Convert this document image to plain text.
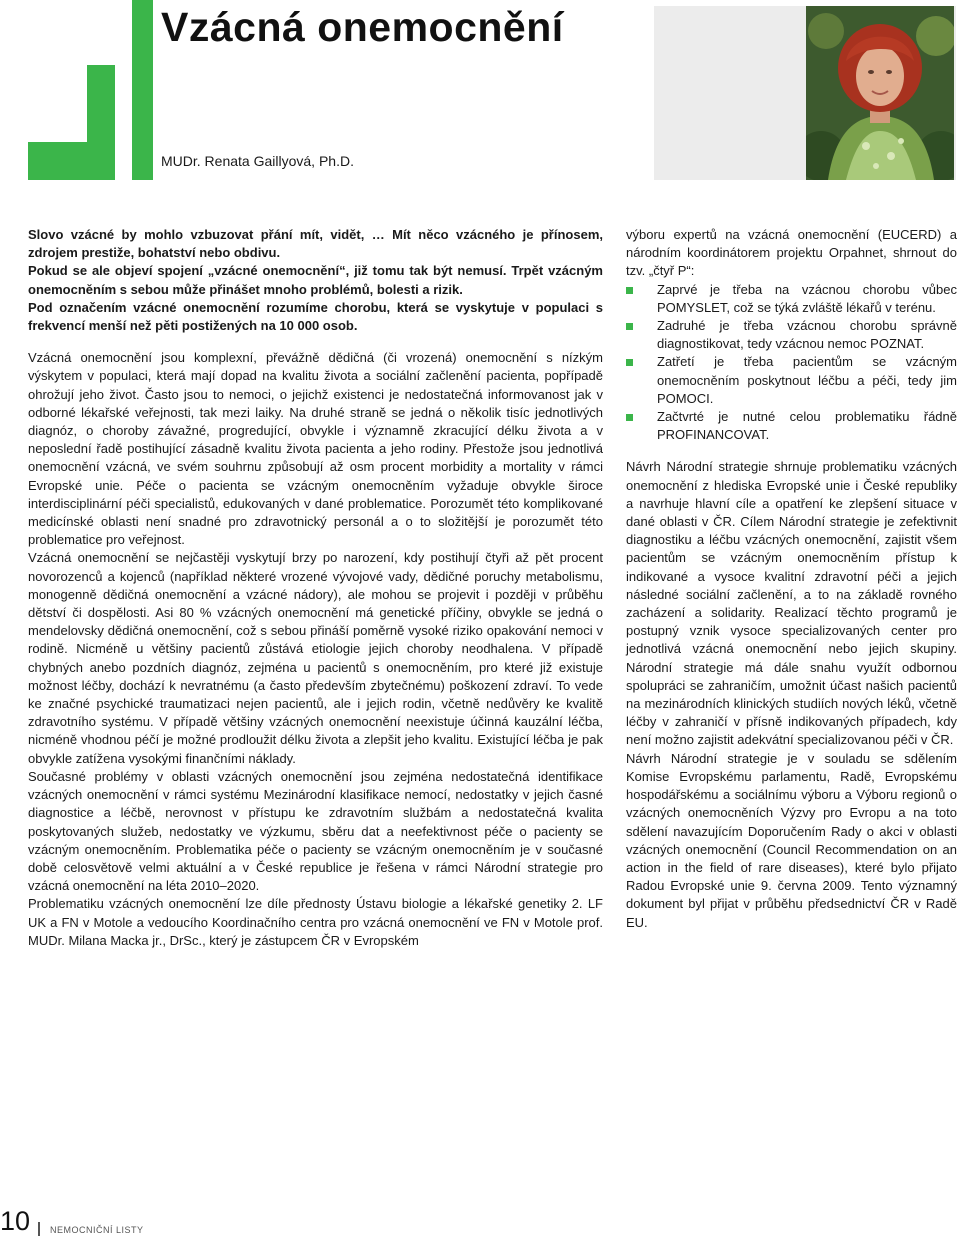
Vzácná onemocnění
MUDr. Renata Gaillyová, Ph.D.

Slovo vzácné by mohlo vzbuzovat přání mít, vidět, … Mít něco vzácného je přínosem, zdrojem prestiže, bohatství nebo obdivu.

Pokud se ale objeví spojení „vzácné onemocnění“, již tomu tak být nemusí. Trpět vzácným onemocněním s sebou může přinášet mnoho problémů, bolesti a rizik.

Pod označením vzácné onemocnění rozumíme chorobu, která se vyskytuje v populaci s frekvencí menší než pěti postižených na 10 000 osob.

Vzácná onemocnění jsou komplexní, převážně dědičná (či vrozená) onemocnění s nízkým výskytem v populaci, která mají dopad na kvalitu života a sociální začlenění pacienta, popřípadě ohrožují jeho život. Často jsou to nemoci, o jejichž existenci je nedostatečná informovanost jak v odborné lékařské veřejnosti, tak mezi laiky. Na druhé straně se jedná o několik tisíc jednotlivých diagnóz, o choroby závažné, progredující, obvykle i významně zkracující délku života a v neposlední řadě postihující zásadně kvalitu života pacienta a jeho rodiny. Přestože jsou jednotlivá onemocnění vzácná, ve svém souhrnu způsobují až osm procent morbidity a mortality v rámci Evropské unie. Péče o pacienta se vzácným onemocněním vyžaduje obvykle široce interdisciplinární péči specialistů, edukovaných v dané problematice. Porozumět této komplikované medicínské oblasti není snadné pro zdravotnický personál a o to složitější je porozumět této problematice pro veřejnost.

Vzácná onemocnění se nejčastěji vyskytují brzy po narození, kdy postihují čtyři až pět procent novorozenců a kojenců (například některé vrozené vývojové vady, dědičné poruchy metabolismu, monogenně dědičná onemocnění a vzácné nádory), ale mohou se projevit i později v průběhu dětství či dospělosti. Asi 80 % vzácných onemocnění má genetické příčiny, obvykle se jedná o mendelovsky dědičná onemocnění, což s sebou přináší poměrně vysoké riziko opakování nemoci v rodině. Nicméně u většiny pacientů zůstává etiologie jejich choroby neodhalena. V případě chybných anebo pozdních diagnóz, zejména u pacientů s onemocněním, pro které již existuje možnost léčby, dochází k nevratnému (a často především zbytečnému) poškození zdraví. To vede ke značné psychické traumatizaci nejen pacientů, ale i jejich rodin, včetně nedůvěry ke kvalitě zdravotního systému. V případě většiny vzácných onemocnění neexistuje účinná kauzální léčba, nicméně vhodnou péčí je možné prodloužit délku života a zlepšit jeho kvalitu. Existující léčba je pak obvykle zatížena vysokými finančními náklady.

Současné problémy v oblasti vzácných onemocnění jsou zejména nedostatečná identifikace vzácných onemocnění v rámci systému Mezinárodní klasifikace nemocí, nedostatky v jejich časné diagnostice a léčbě, nerovnost v přístupu ke zdravotním službám a nedostatečná kvalita poskytovaných služeb, nedostatky ve výzkumu, sběru dat a neefektivnost péče o pacienty se vzácným onemocněním. Problematika péče o pacienty se vzácným onemocněním je v současné době celosvětově velmi aktuální a v České republice je řešena v rámci Národní strategie pro vzácná onemocnění na léta 2010–2020.

Problematiku vzácných onemocnění lze díle přednosty Ústavu biologie a lékařské genetiky 2. LF UK a FN v Motole a vedoucího Koordinačního centra pro vzácná onemocnění ve FN v Motole prof. MUDr. Milana Macka jr., DrSc., který je zástupcem ČR v Evropském

výboru expertů na vzácná onemocnění (EUCERD) a národním koordinátorem projektu Orpahnet, shrnout do tzv. „čtyř P“:

Zaprvé je třeba na vzácnou chorobu vůbec POMYSLET, což se týká zvláště lékařů v terénu.
Zadruhé je třeba vzácnou chorobu správně diagnostikovat, tedy vzácnou nemoc POZNAT.
Zatřetí je třeba pacientům se vzácným onemocněním poskytnout léčbu a péči, tedy jim POMOCI.
Začtvrté je nutné celou problematiku řádně PROFINANCOVAT.

Návrh Národní strategie shrnuje problematiku vzácných onemocnění z hlediska Evropské unie i České republiky a navrhuje hlavní cíle a opatření ke zlepšení situace v dané oblasti v ČR. Cílem Národní strategie je zefektivnit diagnostiku a léčbu vzácných onemocnění, zajistit všem pacientům se vzácným onemocněním přístup k indikované a vysoce kvalitní zdravotní péči a jejich následné sociální začlenění, a to na základě rovného zacházení a solidarity. Realizací těchto programů je postupný vznik vysoce specializovaných center pro jednotlivá vzácná onemocnění nebo jejich skupiny. Národní strategie má dále snahu využít odbornou spolupráci se zahraničím, umožnit účast našich pacientů na mezinárodních klinických studiích nových léků, včetně léčby v zahraničí v přísně indikovaných případech, kdy není možno zajistit adekvátní specializovanou péči v ČR.

Návrh Národní strategie je v souladu se sdělením Komise Evropskému parlamentu, Radě, Evropskému hospodářskému a sociálnímu výboru a Výboru regionů o vzácných onemocněních Výzvy pro Evropu a na toto sdělení navazujícím Doporučením Rady o akci v oblasti vzácných onemocnění (Council Recommendation on an action in the field of rare diseases), které bylo přijato Radou Evropské unie 9. června 2009. Tento významný dokument byl přijat v průběhu předsednictví ČR v Radě EU.

10 NEMOCNIČNÍ LISTY
